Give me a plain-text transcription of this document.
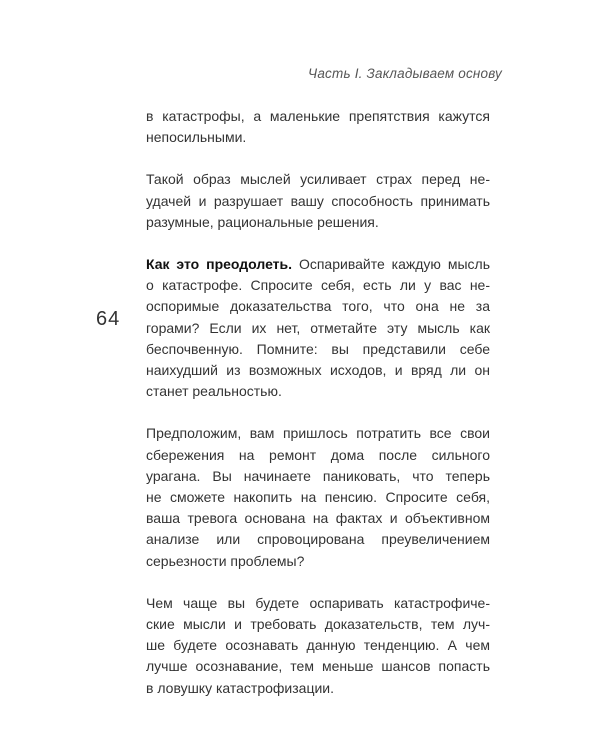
Часть I. Закладываем основу
64

в катастрофы, а маленькие препятствия кажутся
непосильными.

Такой образ мыслей усиливает страх перед не-
удачей и разрушает вашу способность принимать
разумные, рациональные решения.

Как это преодолеть. Оспаривайте каждую мысль
о катастрофе. Спросите себя, есть ли у вас не-
оспоримые доказательства того, что она не за
горами? Если их нет, отметайте эту мысль как
беспочвенную. Помните: вы представили себе
наихудший из возможных исходов, и вряд ли он
станет реальностью.

Предположим, вам пришлось потратить все свои
сбережения на ремонт дома после сильного
урагана. Вы начинаете паниковать, что теперь
не сможете накопить на пенсию. Спросите себя,
ваша тревога основана на фактах и объективном
анализе или спровоцирована преувеличением
серьезности проблемы?

Чем чаще вы будете оспаривать катастрофиче-
ские мысли и требовать доказательств, тем луч-
ше будете осознавать данную тенденцию. А чем
лучше осознавание, тем меньше шансов попасть
в ловушку катастрофизации.
